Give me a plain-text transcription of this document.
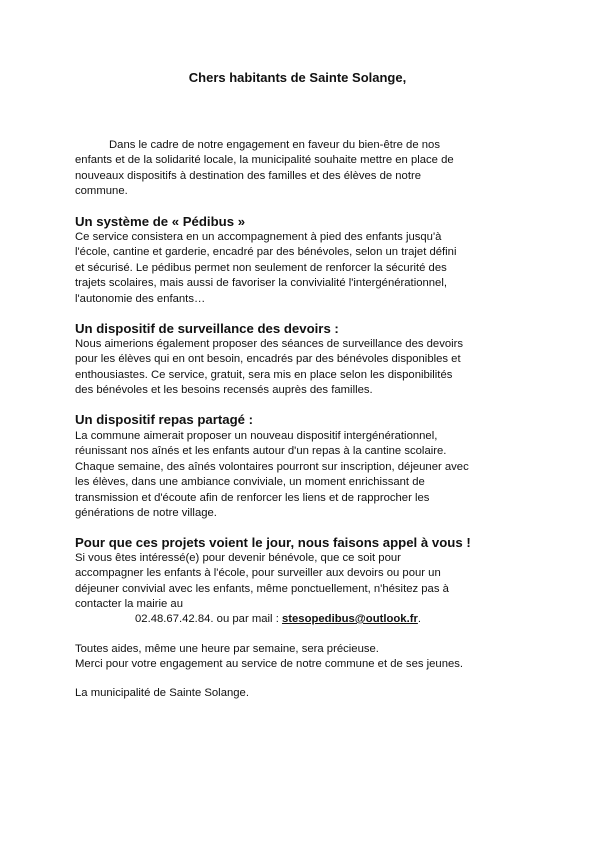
Chers habitants de Sainte Solange,

Dans le cadre de notre engagement en faveur du bien-être de nos
enfants et de la solidarité locale, la municipalité souhaite mettre en place de
nouveaux dispositifs à destination des familles et des élèves de notre
commune.

Un système de « Pédibus »

Ce service consistera en un accompagnement à pied des enfants jusqu'à
l'école, cantine et garderie, encadré par des bénévoles, selon un trajet défini
et sécurisé. Le pédibus permet non seulement de renforcer la sécurité des
trajets scolaires, mais aussi de favoriser la convivialité l'intergénérationnel,
l'autonomie des enfants…

Un dispositif de surveillance des devoirs :

Nous aimerions également proposer des séances de surveillance des devoirs
pour les élèves qui en ont besoin, encadrés par des bénévoles disponibles et
enthousiastes. Ce service, gratuit, sera mis en place selon les disponibilités
des bénévoles et les besoins recensés auprès des familles.

Un dispositif repas partagé :

La commune aimerait proposer un nouveau dispositif intergénérationnel,
réunissant nos aînés et les enfants autour d'un repas à la cantine scolaire.
Chaque semaine, des aînés volontaires pourront sur inscription, déjeuner avec
les élèves, dans une ambiance conviviale, un moment enrichissant de
transmission et d'écoute afin de renforcer les liens et de rapprocher les
générations de notre village.

Pour que ces projets voient le jour, nous faisons appel à vous !

Si vous êtes intéressé(e) pour devenir bénévole, que ce soit pour
accompagner les enfants à l'école, pour surveiller aux devoirs ou pour un
déjeuner convivial avec les enfants, même ponctuellement, n'hésitez pas à
contacter la mairie au

02.48.67.42.84. ou par mail : stesopedibus@outlook.fr.

Toutes aides, même une heure par semaine, sera précieuse.
Merci pour votre engagement au service de notre commune et de ses jeunes.

La municipalité de Sainte Solange.
